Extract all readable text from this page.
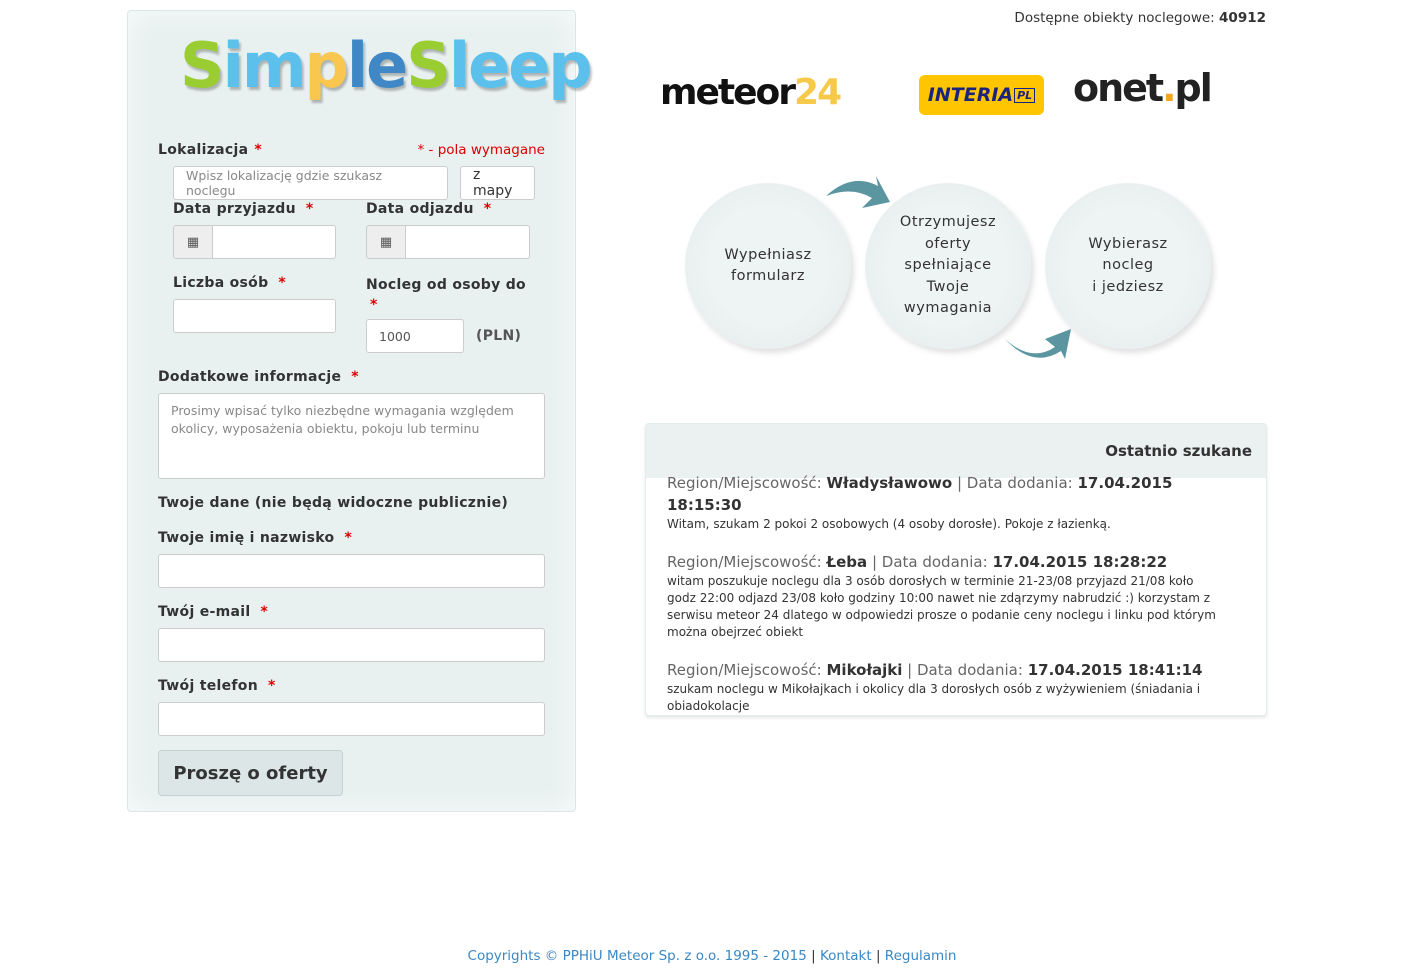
SimpleSleep
Lokalizacja *	* - pola wymagane
Wpisz lokalizację gdzie szukasz noclegu
z mapy
Data przyjazdu *
▦
Data odjazdu *
▦
Liczba osób *	Nocleg od osoby do
*
1000	(PLN)
Dodatkowe informacje *
Prosimy wpisać tylko niezbędne wymagania względem okolicy, wyposażenia obiektu, pokoju lub terminu
Twoje dane (nie będą widoczne publicznie)
Twoje imię i nazwisko *
Twój e-mail *
Twój telefon *
Proszę o oferty
Dostępne obiekty noclegowe: 40912
meteor24	INTERIA PL onet.pl
Wypełniasz
formularz
Otrzymujesz
oferty
spełniające
Twoje
wymagania
Wybierasz
nocleg
i jedziesz
Ostatnio szukane
Region/Miejscowość: Władysławowo | Data dodania: 17.04.2015 18:15:30
Witam, szukam 2 pokoi 2 osobowych (4 osoby dorosłe). Pokoje z łazienką.
Region/Miejscowość: Łeba | Data dodania: 17.04.2015 18:28:22
witam poszukuje noclegu dla 3 osób dorosłych w terminie 21-23/08 przyjazd 21/08 koło godz 22:00 odjazd 23/08 koło godziny 10:00 nawet nie zdąrzymy nabrudzić :) korzystam z serwisu meteor 24 dlatego w odpowiedzi prosze o podanie ceny noclegu i linku pod którym można obejrzeć obiekt
Region/Miejscowość: Mikołajki | Data dodania: 17.04.2015 18:41:14
szukam noclegu w Mikołajkach i okolicy dla 3 dorosłych osób z wyżywieniem (śniadania i obiadokolacje
Copyrights © PPHiU Meteor Sp. z o.o. 1995 - 2015 | Kontakt | Regulamin
